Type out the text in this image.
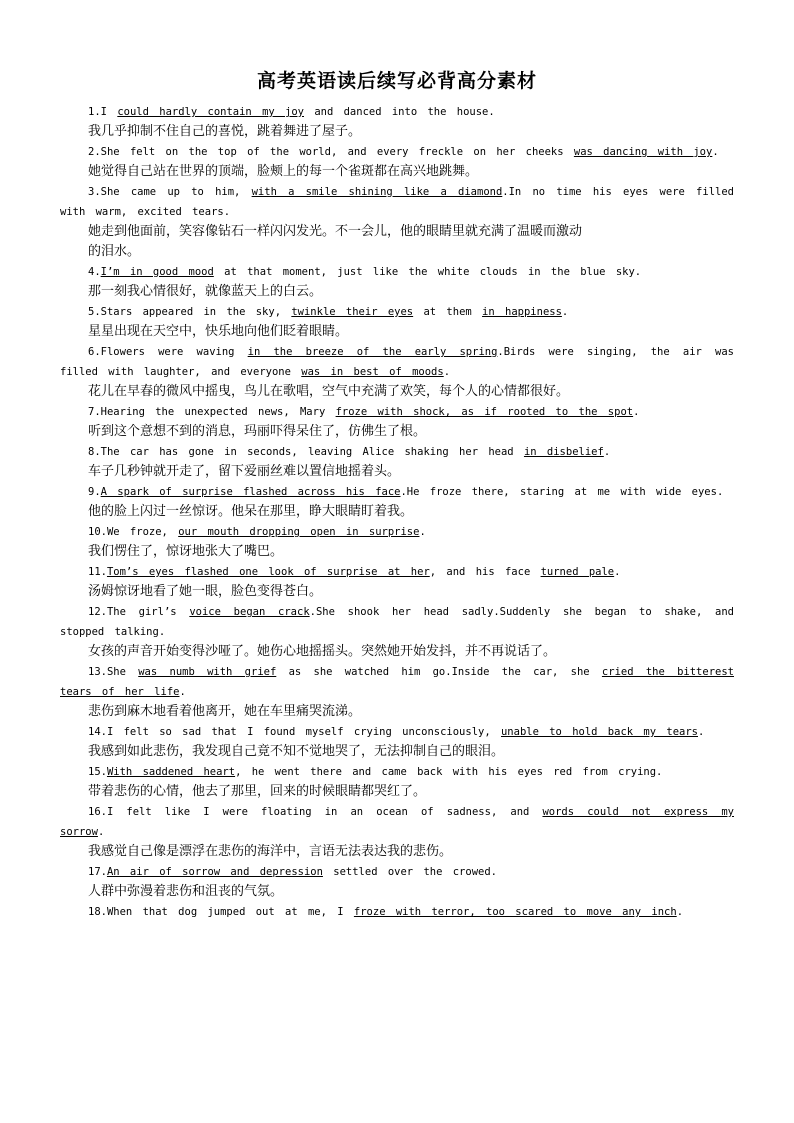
高考英语读后续写必背高分素材

1.I could hardly contain my joy and danced into the house.

我几乎抑制不住自己的喜悦，跳着舞进了屋子。

2.She felt on the top of the world, and every freckle on her cheeks was dancing with joy.

她觉得自己站在世界的顶端，脸颊上的每一个雀斑都在高兴地跳舞。

3.She came up to him, with a smile shining like a diamond.In no time his eyes were filled with warm, excited tears.

她走到他面前，笑容像钻石一样闪闪发光。不一会儿，他的眼睛里就充满了温暖而激动

的泪水。

4.I’m in good mood at that moment, just like the white clouds in the blue sky.

那一刻我心情很好，就像蓝天上的白云。

5.Stars appeared in the sky, twinkle their eyes at them in happiness.

星星出现在天空中，快乐地向他们眨着眼睛。

6.Flowers were waving in the breeze of the early spring.Birds were singing, the air was filled with laughter, and everyone was in best of moods.

花儿在早春的微风中摇曳，鸟儿在歌唱，空气中充满了欢笑，每个人的心情都很好。

7.Hearing the unexpected news, Mary froze with shock, as if rooted to the spot.

听到这个意想不到的消息，玛丽吓得呆住了，仿佛生了根。

8.The car has gone in seconds, leaving Alice shaking her head in disbelief.

车子几秒钟就开走了，留下爱丽丝难以置信地摇着头。

9.A spark of surprise flashed across his face.He froze there, staring at me with wide eyes.

他的脸上闪过一丝惊讶。他呆在那里，睁大眼睛盯着我。

10.We froze, our mouth dropping open in surprise.

我们愣住了，惊讶地张大了嘴巴。

11.Tom’s eyes flashed one look of surprise at her, and his face turned pale.

汤姆惊讶地看了她一眼，脸色变得苍白。

12.The girl’s voice began crack.She shook her head sadly.Suddenly she began to shake, and stopped talking.

女孩的声音开始变得沙哑了。她伤心地摇摇头。突然她开始发抖，并不再说话了。

13.She was numb with grief as she watched him go.Inside the car, she cried the bitterest tears of her life.

悲伤到麻木地看着他离开，她在车里痛哭流涕。

14.I felt so sad that I found myself crying unconsciously, unable to hold back my tears.

我感到如此悲伤，我发现自己竟不知不觉地哭了，无法抑制自己的眼泪。

15.With saddened heart, he went there and came back with his eyes red from crying.

带着悲伤的心情，他去了那里，回来的时候眼睛都哭红了。

16.I felt like I were floating in an ocean of sadness, and words could not express my sorrow.

我感觉自己像是漂浮在悲伤的海洋中，言语无法表达我的悲伤。

17.An air of sorrow and depression settled over the crowed.

人群中弥漫着悲伤和沮丧的气氛。

18.When that dog jumped out at me, I froze with terror, too scared to move any inch.
